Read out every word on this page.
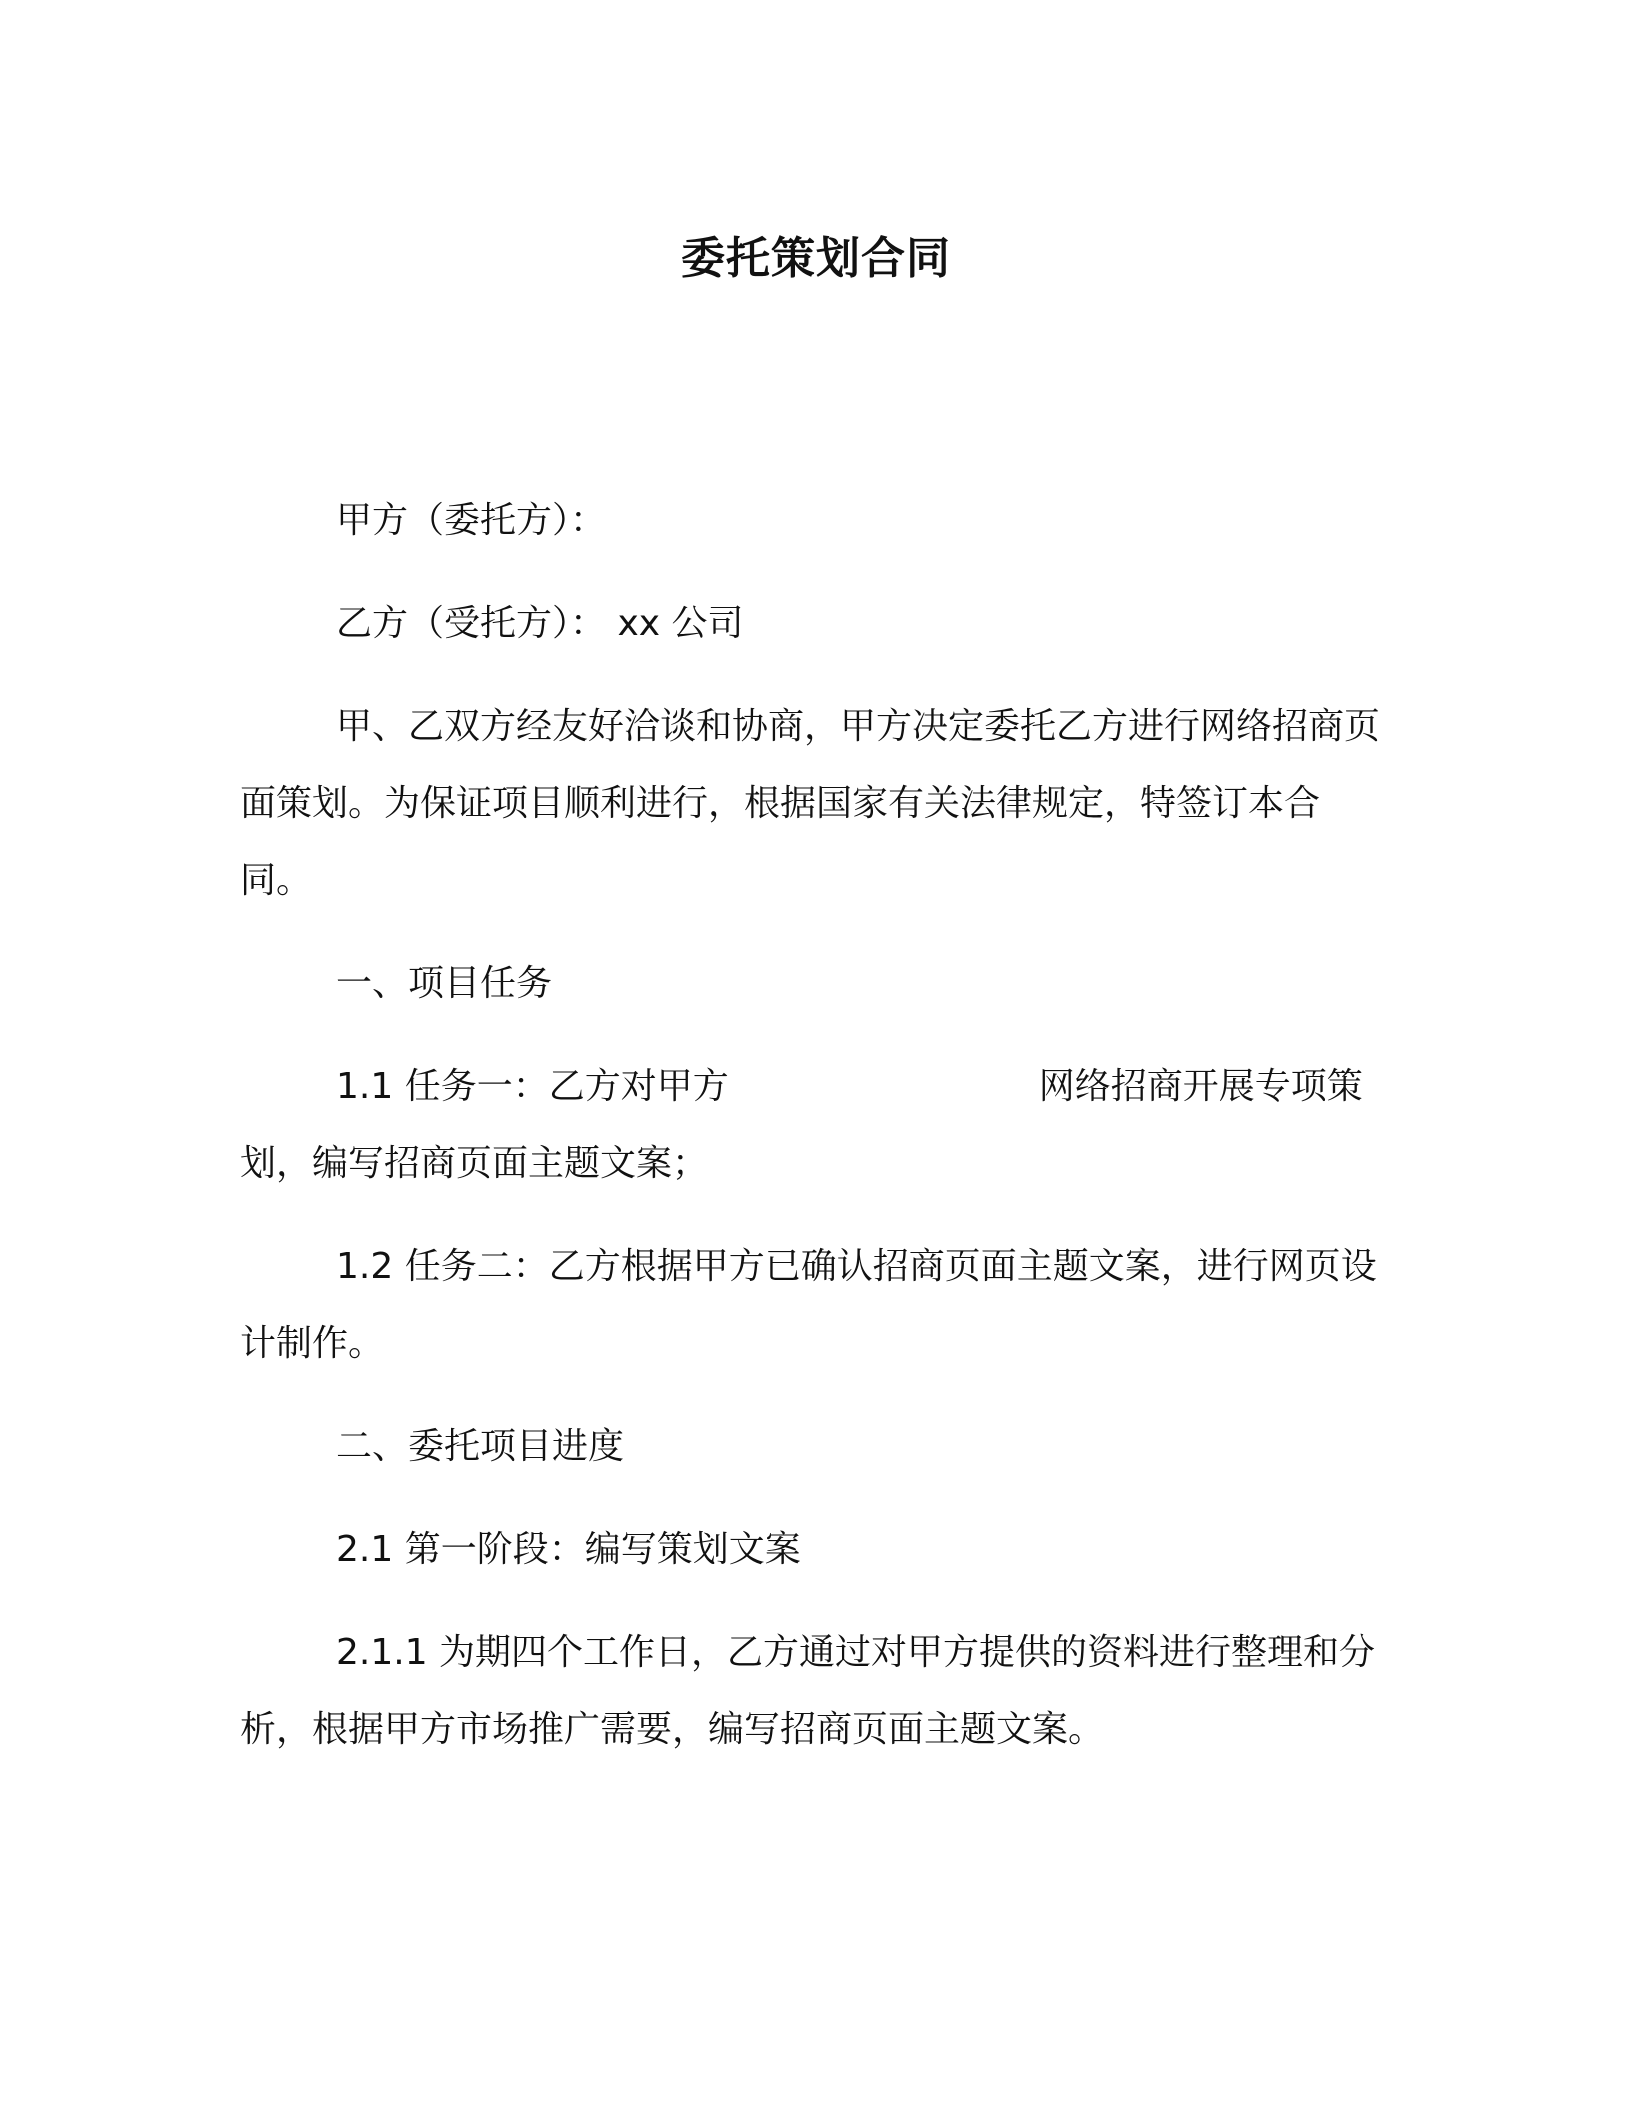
委托策划合同

甲方（委托方）：

乙方（受托方）： xx 公司

甲、乙双方经友好洽谈和协商，甲方决定委托乙方进行网络招商页面策划。为保证项目顺利进行，根据国家有关法律规定，特签订本合同。

一、项目任务

1.1 任务一：乙方对甲方	网络招商开展专项策划，编写招商页面主题文案；

1.2 任务二：乙方根据甲方已确认招商页面主题文案，进行网页设计制作。

二、委托项目进度

2.1 第一阶段：编写策划文案

2.1.1 为期四个工作日，乙方通过对甲方提供的资料进行整理和分析，根据甲方市场推广需要，编写招商页面主题文案。
